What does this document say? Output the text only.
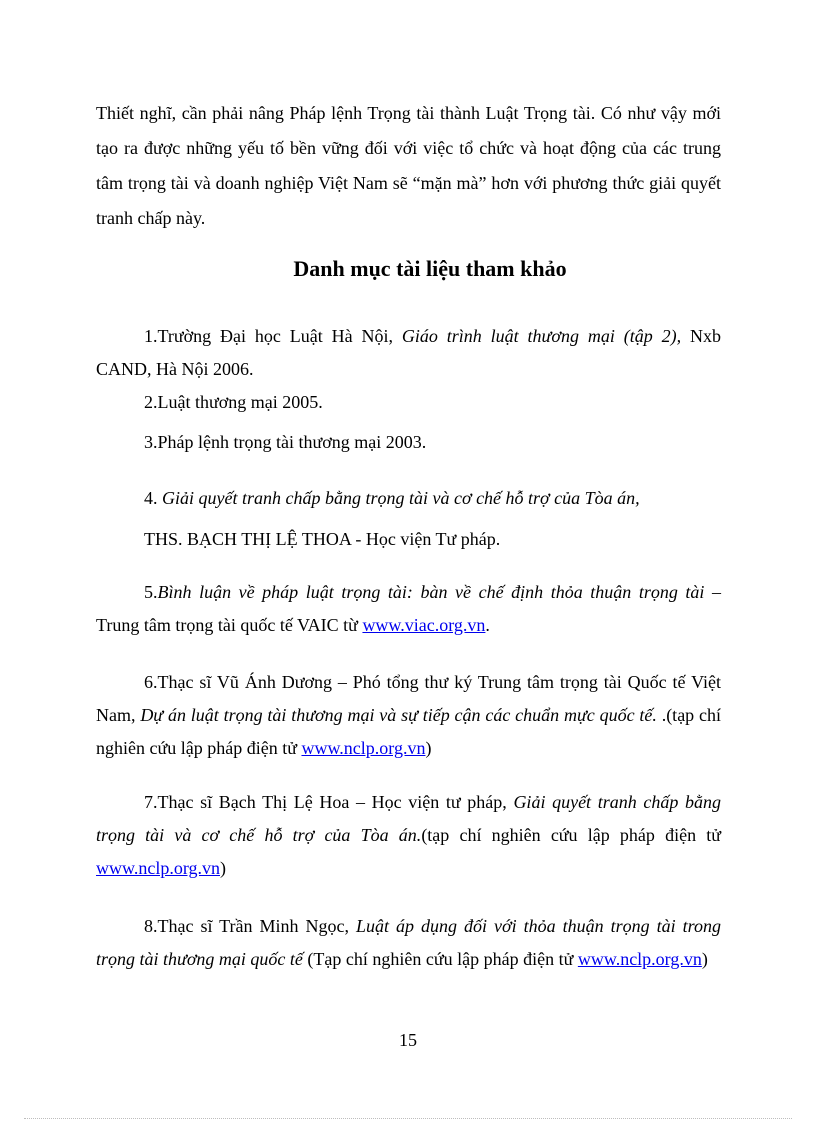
Thiết nghĩ, cần phải nâng Pháp lệnh Trọng tài thành Luật Trọng tài. Có như vậy mới tạo ra được những yếu tố bền vững đối với việc tổ chức và hoạt động của các trung tâm trọng tài và doanh nghiệp Việt Nam sẽ “mặn mà” hơn với phương thức giải quyết tranh chấp này.

Danh mục tài liệu tham khảo

1.Trường Đại học Luật Hà Nội, Giáo trình luật thương mại (tập 2), Nxb CAND, Hà Nội 2006.

2.Luật thương mại 2005.

3.Pháp lệnh trọng tài thương mại 2003.

4. Giải quyết tranh chấp bằng trọng tài và cơ chế hỗ trợ của Tòa án,

THS. BẠCH THỊ LỆ THOA - Học viện Tư pháp.

5.Bình luận về pháp luật trọng tài: bàn về chế định thỏa thuận trọng tài – Trung tâm trọng tài quốc tế VAIC từ www.viac.org.vn.

6.Thạc sĩ Vũ Ánh Dương – Phó tổng thư ký Trung tâm trọng tài Quốc tế Việt Nam, Dự án luật trọng tài thương mại và sự tiếp cận các chuẩn mực quốc tế. .(tạp chí nghiên cứu lập pháp điện tử www.nclp.org.vn)

7.Thạc sĩ Bạch Thị Lệ Hoa – Học viện tư pháp, Giải quyết tranh chấp bằng trọng tài và cơ chế hỗ trợ của Tòa án.(tạp chí nghiên cứu lập pháp điện tử www.nclp.org.vn)

8.Thạc sĩ Trần Minh Ngọc, Luật áp dụng đối với thỏa thuận trọng tài trong trọng tài thương mại quốc tế (Tạp chí nghiên cứu lập pháp điện tử www.nclp.org.vn)

15
